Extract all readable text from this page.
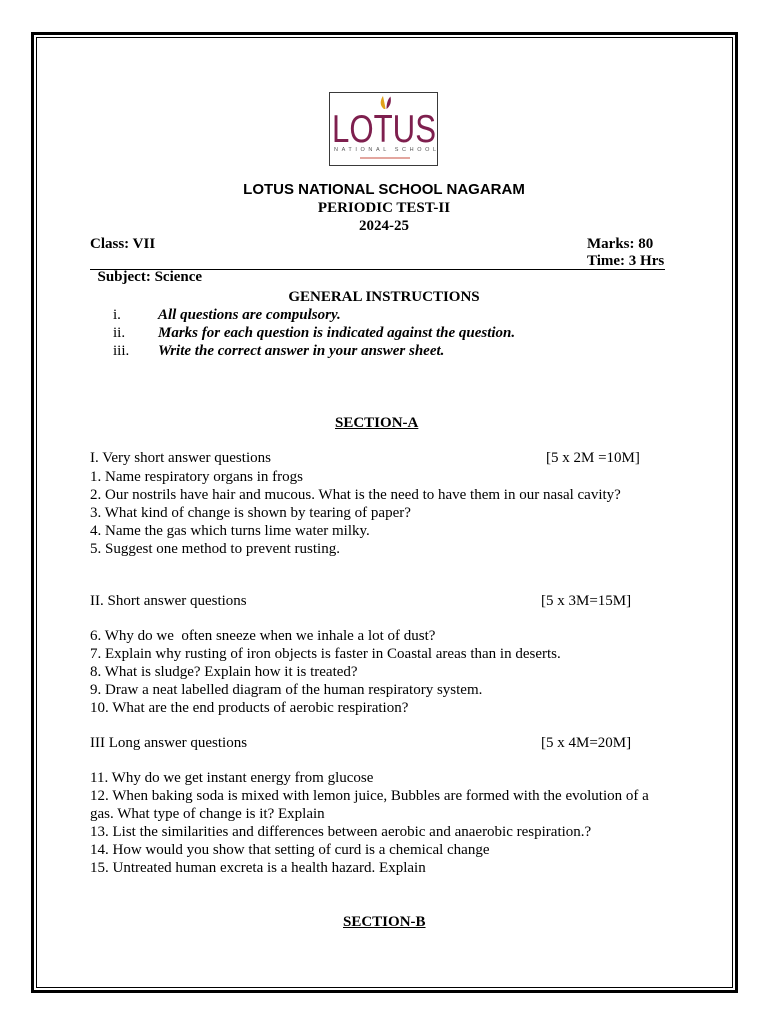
LOTUS
NATIONAL SCHOOL
LOTUS NATIONAL SCHOOL NAGARAM
PERIODIC TEST-II
2024-25
Class: VII	Marks: 80

Subject: Science

Time: 3 Hrs

GENERAL INSTRUCTIONS
i. All questions are compulsory.
ii. Marks for each question is indicated against the question.
iii. Write the correct answer in your answer sheet.
SECTION-A
I. Very short answer questions	[5 x 2M =10M]
1. Name respiratory organs in frogs
2. Our nostrils have hair and mucous. What is the need to have them in our nasal cavity?
3. What kind of change is shown by tearing of paper?
4. Name the gas which turns lime water milky.
5. Suggest one method to prevent rusting.
II. Short answer questions	[5 x 3M=15M]
6. Why do we  often sneeze when we inhale a lot of dust?
7. Explain why rusting of iron objects is faster in Coastal areas than in deserts.
8. What is sludge? Explain how it is treated?
9. Draw a neat labelled diagram of the human respiratory system.
10. What are the end products of aerobic respiration?
III Long answer questions	[5 x 4M=20M]
11. Why do we get instant energy from glucose
12. When baking soda is mixed with lemon juice, Bubbles are formed with the evolution of a gas. What type of change is it? Explain
13. List the similarities and differences between aerobic and anaerobic respiration.?
14. How would you show that setting of curd is a chemical change
15. Untreated human excreta is a health hazard. Explain
SECTION-B
